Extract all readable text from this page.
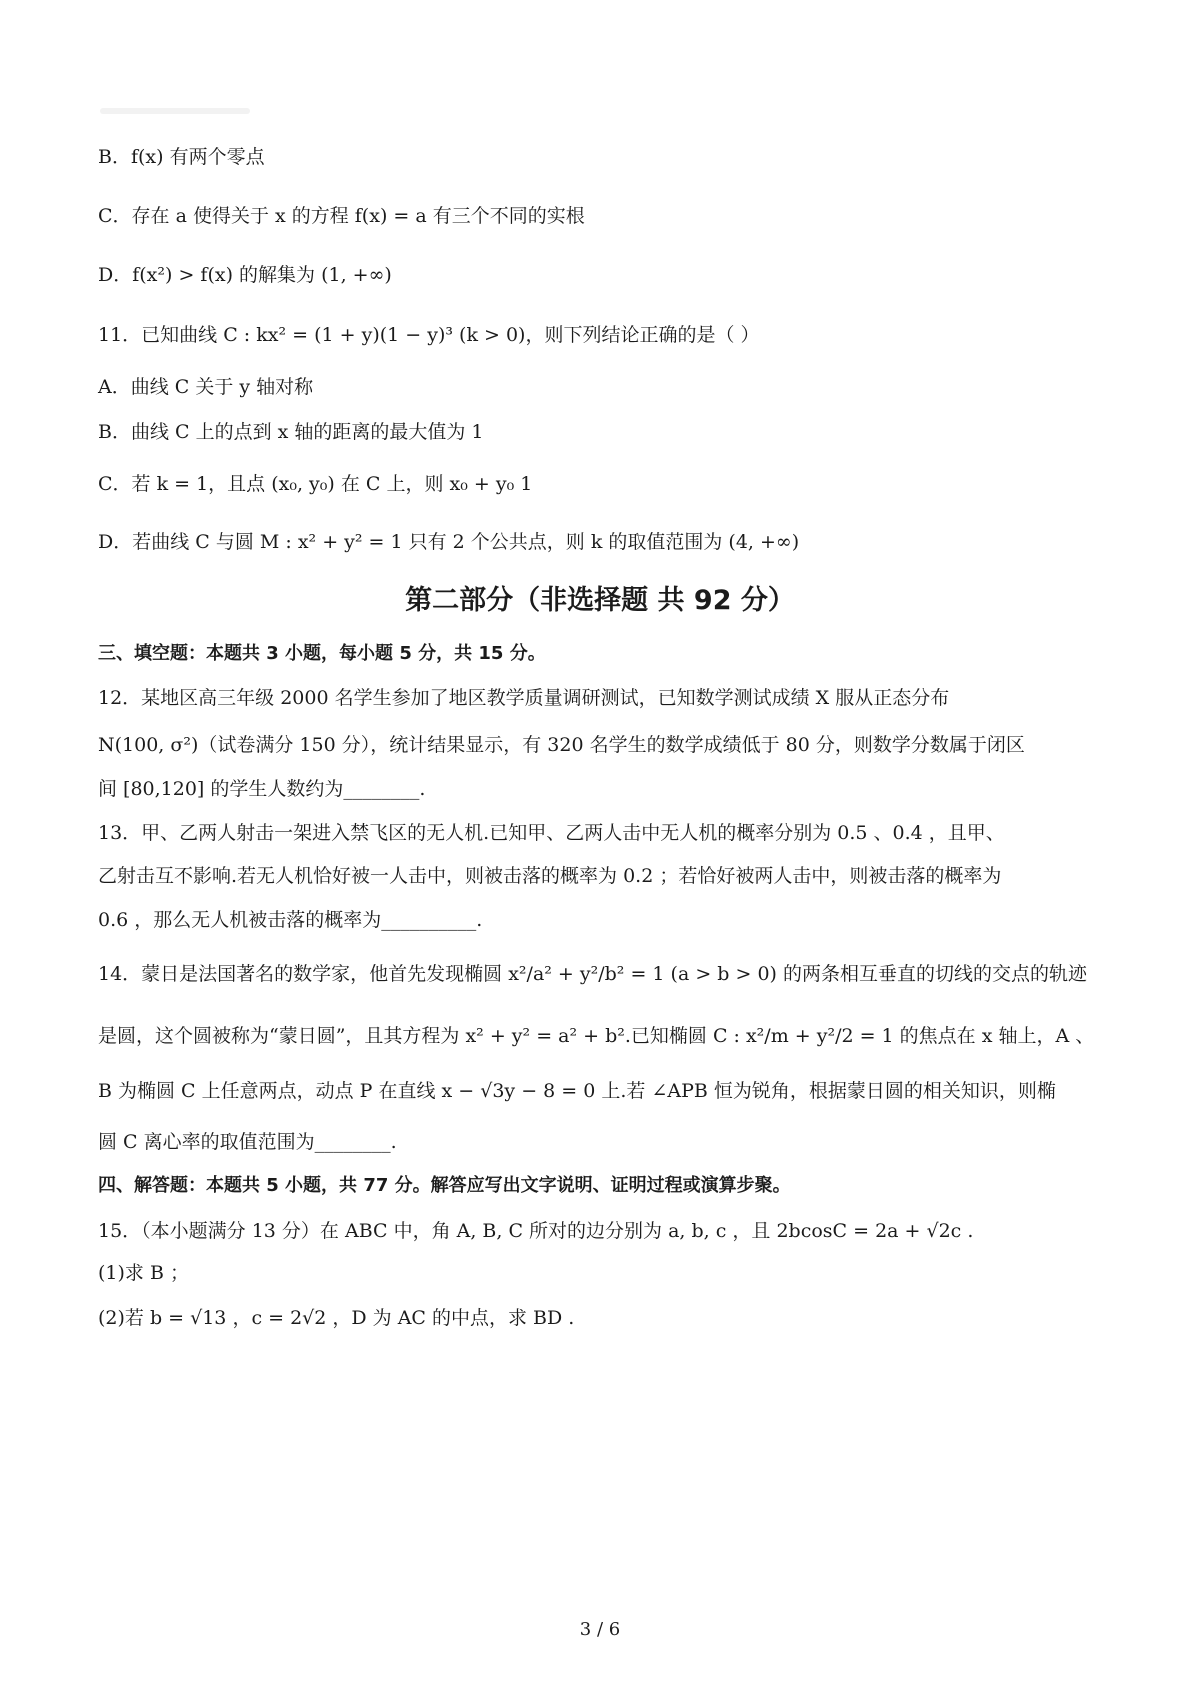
B．f(x) 有两个零点
C．存在 a 使得关于 x 的方程 f(x) = a 有三个不同的实根
D．f(x²) > f(x) 的解集为 (1, +∞)
11．已知曲线 C : kx² = (1 + y)(1 − y)³ (k > 0)，则下列结论正确的是（ ）
A．曲线 C 关于 y 轴对称
B．曲线 C 上的点到 x 轴的距离的最大值为 1
C．若 k = 1，且点 (x₀, y₀) 在 C 上，则 x₀ + y₀ 1
D．若曲线 C 与圆 M : x² + y² = 1 只有 2 个公共点，则 k 的取值范围为 (4, +∞)
第二部分（非选择题 共 92 分）
三、填空题：本题共 3 小题，每小题 5 分，共 15 分。
12．某地区高三年级 2000 名学生参加了地区教学质量调研测试，已知数学测试成绩 X 服从正态分布
N(100, σ²)（试卷满分 150 分），统计结果显示，有 320 名学生的数学成绩低于 80 分，则数学分数属于闭区
间 [80,120] 的学生人数约为________.
13．甲、乙两人射击一架进入禁飞区的无人机.已知甲、乙两人击中无人机的概率分别为 0.5 、0.4 ，且甲、
乙射击互不影响.若无人机恰好被一人击中，则被击落的概率为 0.2 ；若恰好被两人击中，则被击落的概率为
0.6 ，那么无人机被击落的概率为__________.
14．蒙日是法国著名的数学家，他首先发现椭圆 x²/a² + y²/b² = 1 (a > b > 0) 的两条相互垂直的切线的交点的轨迹
是圆，这个圆被称为“蒙日圆”，且其方程为 x² + y² = a² + b².已知椭圆 C : x²/m + y²/2 = 1 的焦点在 x 轴上，A 、
B 为椭圆 C 上任意两点，动点 P 在直线 x − √3y − 8 = 0 上.若 ∠APB 恒为锐角，根据蒙日圆的相关知识，则椭
圆 C 离心率的取值范围为________.
四、解答题：本题共 5 小题，共 77 分。解答应写出文字说明、证明过程或演算步聚。
15．（本小题满分 13 分）在 ABC 中，角 A, B, C 所对的边分别为 a, b, c ，且 2bcosC = 2a + √2c .
(1)求 B ；
(2)若 b = √13 ，c = 2√2 ，D 为 AC 的中点，求 BD .
3 / 6
